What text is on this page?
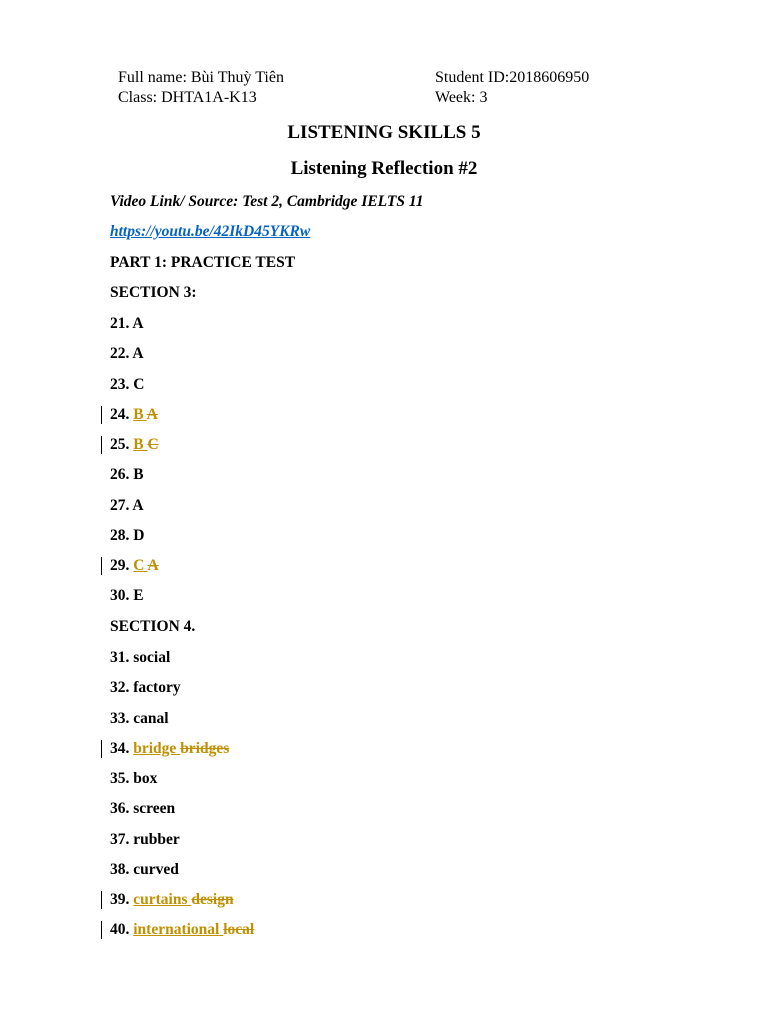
Full name: Bùi Thuỳ Tiên	Student ID:2018606950
Class: DHTA1A-K13	Week: 3
LISTENING SKILLS 5
Listening Reflection #2
Video Link/ Source: Test 2, Cambridge IELTS 11
https://youtu.be/42IkD45YKRw
PART 1: PRACTICE TEST
SECTION 3:
21. A
22. A
23. C
24. B A
25. B C
26. B
27. A
28. D
29. C A
30. E
SECTION 4.
31. social
32. factory
33. canal
34. bridge bridges
35. box
36. screen
37. rubber
38. curved
39. curtains design
40. international local
